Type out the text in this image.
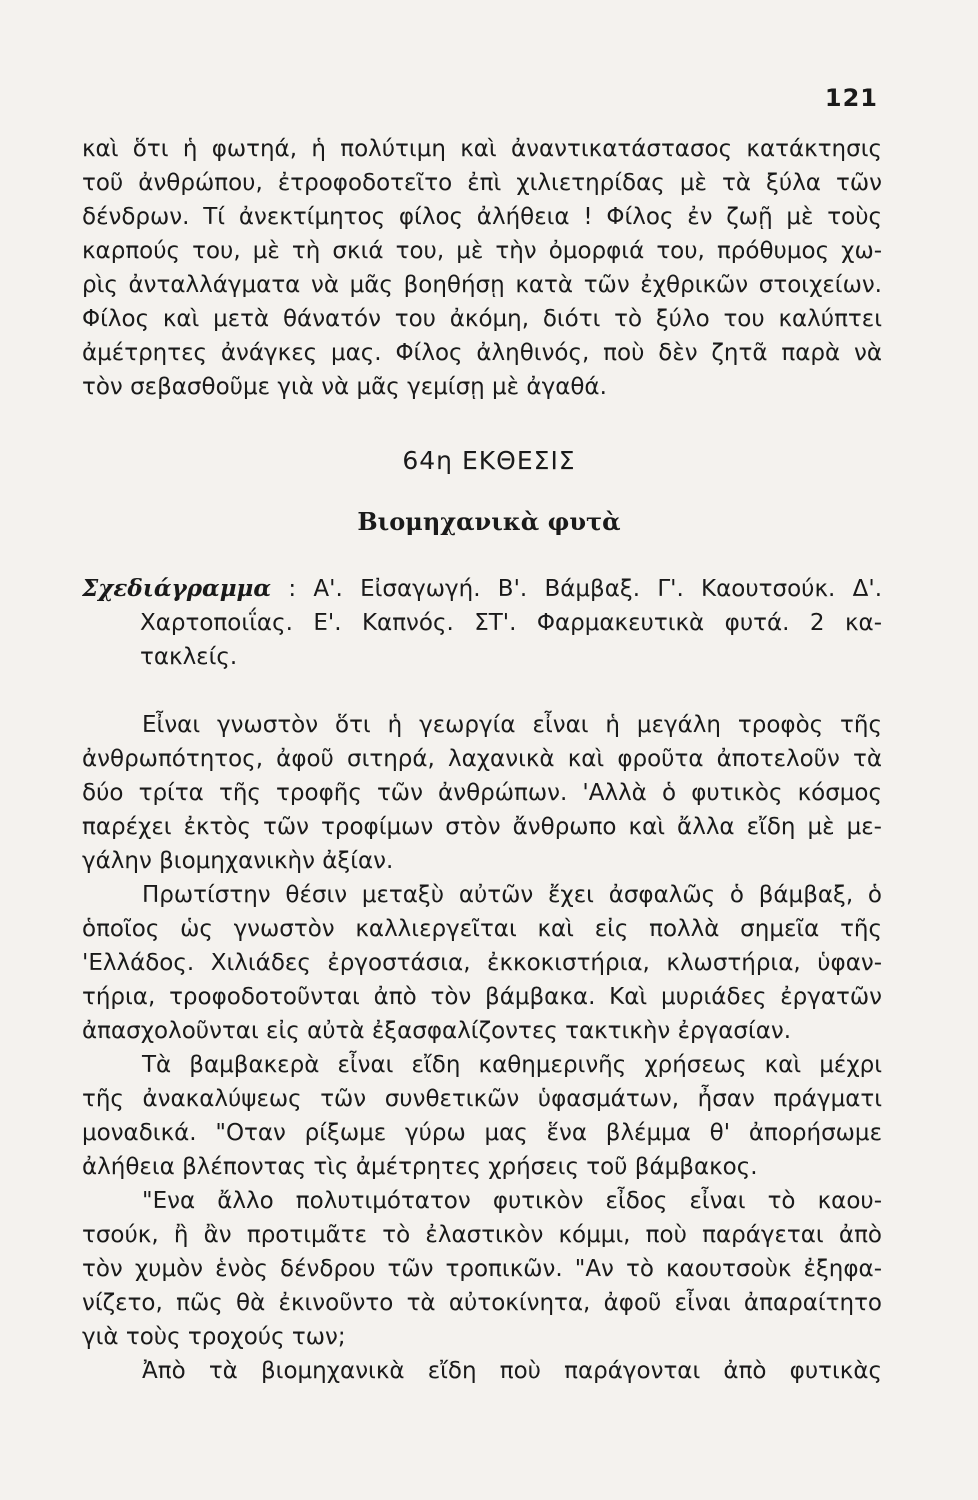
121
καὶ ὅτι ἡ φωτηά, ἡ πολύτιμη καὶ ἀναντικατάστασος κατάκτησις
τοῦ ἀνθρώπου, ἐτροφοδοτεῖτο ἐπὶ χιλιετηρίδας μὲ τὰ ξύλα τῶν
δένδρων. Τί ἀνεκτίμητος φίλος ἀλήθεια ! Φίλος ἐν ζωῇ μὲ τοὺς
καρπούς του, μὲ τὴ σκιά του, μὲ τὴν ὀμορφιά του, πρόθυμος χω-
ρὶς ἀνταλλάγματα νὰ μᾶς βοηθήσῃ κατὰ τῶν ἐχθρικῶν στοιχείων.
Φίλος καὶ μετὰ θάνατόν του ἀκόμη, διότι τὸ ξύλο του καλύπτει
ἀμέτρητες ἀνάγκες μας. Φίλος ἀληθινός, ποὺ δὲν ζητᾶ παρὰ νὰ
τὸν σεβασθοῦμε γιὰ νὰ μᾶς γεμίσῃ μὲ ἀγαθά.
64η ΕΚΘΕΣΙΣ
Βιομηχανικὰ φυτὰ
Σχεδιάγραμμα : Α'. Εἰσαγωγή. Β'. Βάμβαξ. Γ'. Καουτσούκ. Δ'.
Χαρτοποιΐας. Ε'. Καπνός. ΣΤ'. Φαρμακευτικὰ φυτά. 2 κα-
τακλείς.
Εἶναι γνωστὸν ὅτι ἡ γεωργία εἶναι ἡ μεγάλη τροφὸς τῆς
ἀνθρωπότητος, ἀφοῦ σιτηρά, λαχανικὰ καὶ φροῦτα ἀποτελοῦν τὰ
δύο τρίτα τῆς τροφῆς τῶν ἀνθρώπων. 'Αλλὰ ὁ φυτικὸς κόσμος
παρέχει ἐκτὸς τῶν τροφίμων στὸν ἄνθρωπο καὶ ἄλλα εἴδη μὲ με-
γάλην βιομηχανικὴν ἀξίαν.
Πρωτίστην θέσιν μεταξὺ αὐτῶν ἔχει ἀσφαλῶς ὁ βάμβαξ, ὁ
ὁποῖος ὡς γνωστὸν καλλιεργεῖται καὶ εἰς πολλὰ σημεῖα τῆς
'Ελλάδος. Χιλιάδες ἐργοστάσια, ἐκκοκιστήρια, κλωστήρια, ὑφαν-
τήρια, τροφοδοτοῦνται ἀπὸ τὸν βάμβακα. Καὶ μυριάδες ἐργατῶν
ἀπασχολοῦνται εἰς αὐτὰ ἐξασφαλίζοντες τακτικὴν ἐργασίαν.
Τὰ βαμβακερὰ εἶναι εἴδη καθημερινῆς χρήσεως καὶ μέχρι
τῆς ἀνακαλύψεως τῶν συνθετικῶν ὑφασμάτων, ἦσαν πράγματι
μοναδικά. "Οταν ρίξωμε γύρω μας ἕνα βλέμμα θ' ἀπορήσωμε
ἀλήθεια βλέποντας τὶς ἀμέτρητες χρήσεις τοῦ βάμβακος.
"Ενα ἄλλο πολυτιμότατον φυτικὸν εἶδος εἶναι τὸ καου-
τσούκ, ἢ ἂν προτιμᾶτε τὸ ἐλαστικὸν κόμμι, ποὺ παράγεται ἀπὸ
τὸν χυμὸν ἑνὸς δένδρου τῶν τροπικῶν. "Αν τὸ καουτσοὺκ ἐξηφα-
νίζετο, πῶς θὰ ἐκινοῦντο τὰ αὐτοκίνητα, ἀφοῦ εἶναι ἀπαραίτητο
γιὰ τοὺς τροχούς των;
Ἀπὸ τὰ βιομηχανικὰ εἴδη ποὺ παράγονται ἀπὸ φυτικὰς
